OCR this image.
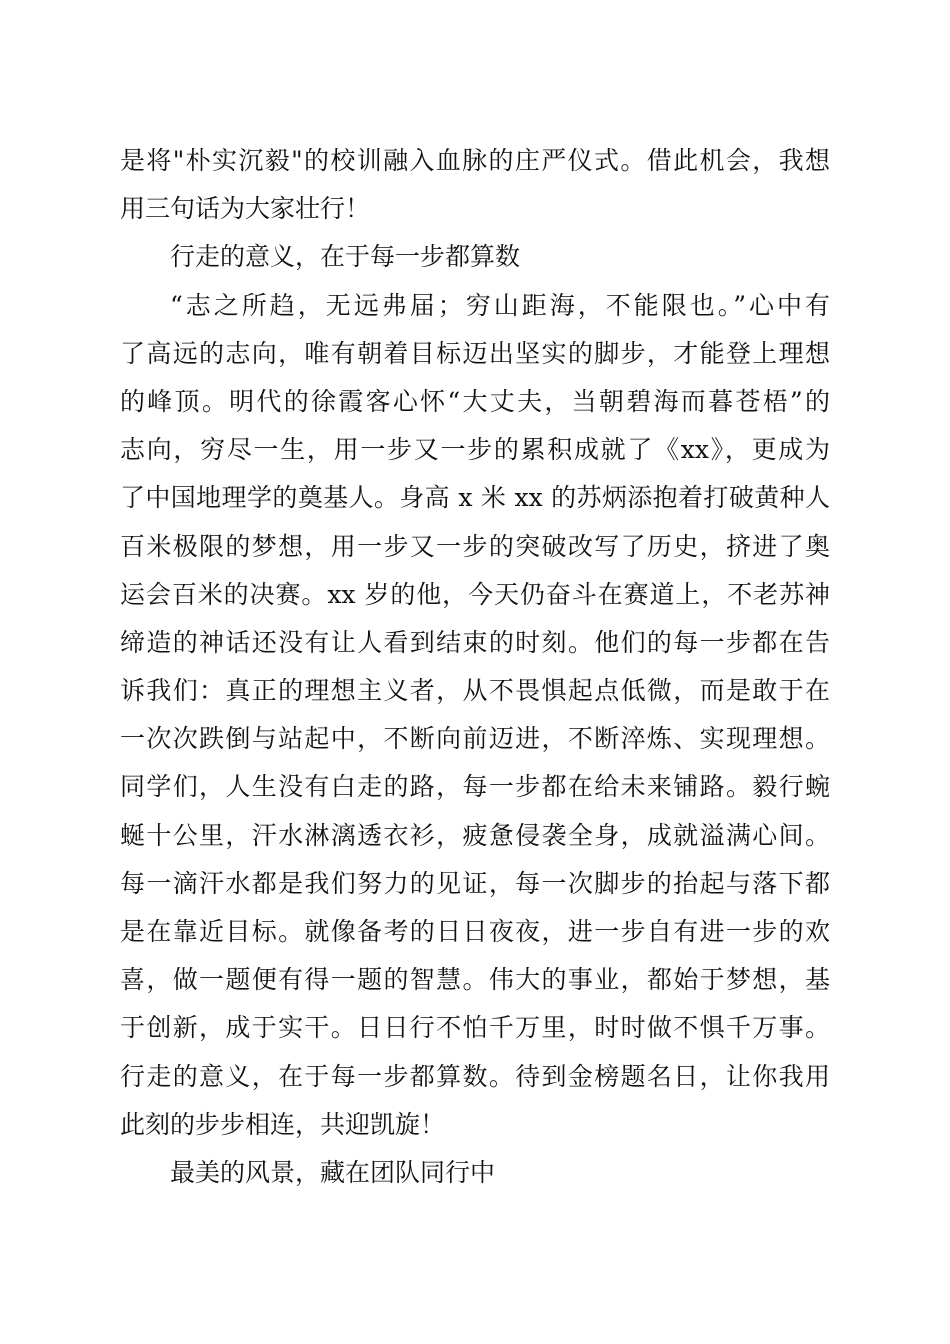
是将"朴实沉毅"的校训融入血脉的庄严仪式。借此机会，我想
用三句话为大家壮行！
行走的意义，在于每一步都算数
“志之所趋，无远弗届；穷山距海，不能限也。”心中有
了高远的志向，唯有朝着目标迈出坚实的脚步，才能登上理想
的峰顶。明代的徐霞客心怀“大丈夫，当朝碧海而暮苍梧”的
志向，穷尽一生，用一步又一步的累积成就了《xx》，更成为
了中国地理学的奠基人。身高 x 米 xx 的苏炳添抱着打破黄种人
百米极限的梦想，用一步又一步的突破改写了历史，挤进了奥
运会百米的决赛。xx 岁的他，今天仍奋斗在赛道上，不老苏神
缔造的神话还没有让人看到结束的时刻。他们的每一步都在告
诉我们：真正的理想主义者，从不畏惧起点低微，而是敢于在
一次次跌倒与站起中，不断向前迈进，不断淬炼、实现理想。
同学们，人生没有白走的路，每一步都在给未来铺路。毅行蜿
蜒十公里，汗水淋漓透衣衫，疲惫侵袭全身，成就溢满心间。
每一滴汗水都是我们努力的见证，每一次脚步的抬起与落下都
是在靠近目标。就像备考的日日夜夜，进一步自有进一步的欢
喜，做一题便有得一题的智慧。伟大的事业，都始于梦想，基
于创新，成于实干。日日行不怕千万里，时时做不惧千万事。
行走的意义，在于每一步都算数。待到金榜题名日，让你我用
此刻的步步相连，共迎凯旋！
最美的风景，藏在团队同行中
